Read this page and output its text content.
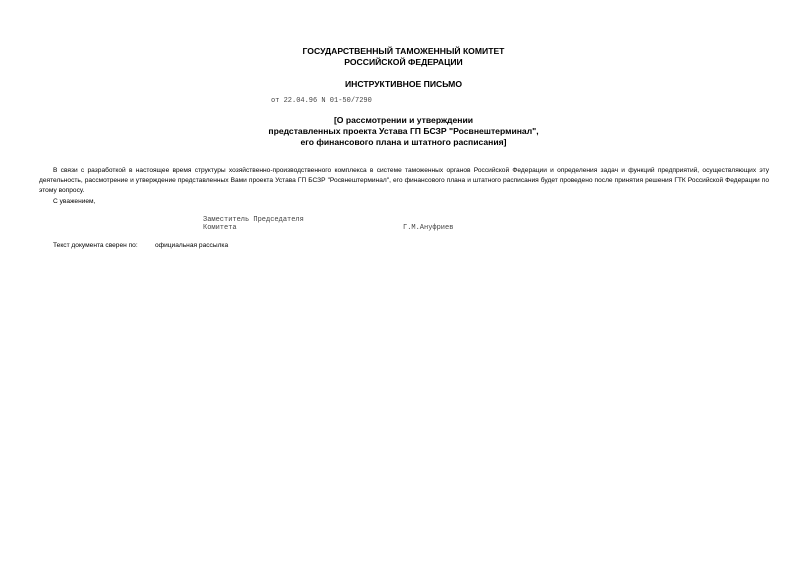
ГОСУДАРСТВЕННЫЙ ТАМОЖЕННЫЙ КОМИТЕТ
РОССИЙСКОЙ ФЕДЕРАЦИИ
ИНСТРУКТИВНОЕ ПИСЬМО
от 22.04.96 N 01-50/7290
[О рассмотрении и утверждении
представленных проекта Устава ГП БСЗР "Росвнештерминал",
его финансового плана и штатного расписания]
В связи с разработкой в настоящее время структуры хозяйственно-производственного комплекса в системе таможенных органов Российской Федерации и определения задач и функций предприятий, осуществляющих эту деятельность, рассмотрение и утверждение представленных Вами проекта Устава ГП БСЗР "Росвнештерминал", его финансового плана и штатного расписания будет проведено после принятия решения ГТК Российской Федерации по этому вопросу.
С уважением,
Заместитель Председателя
Комитета	Г.М.Ануфриев
Текст документа сверен по:	официальная рассылка
